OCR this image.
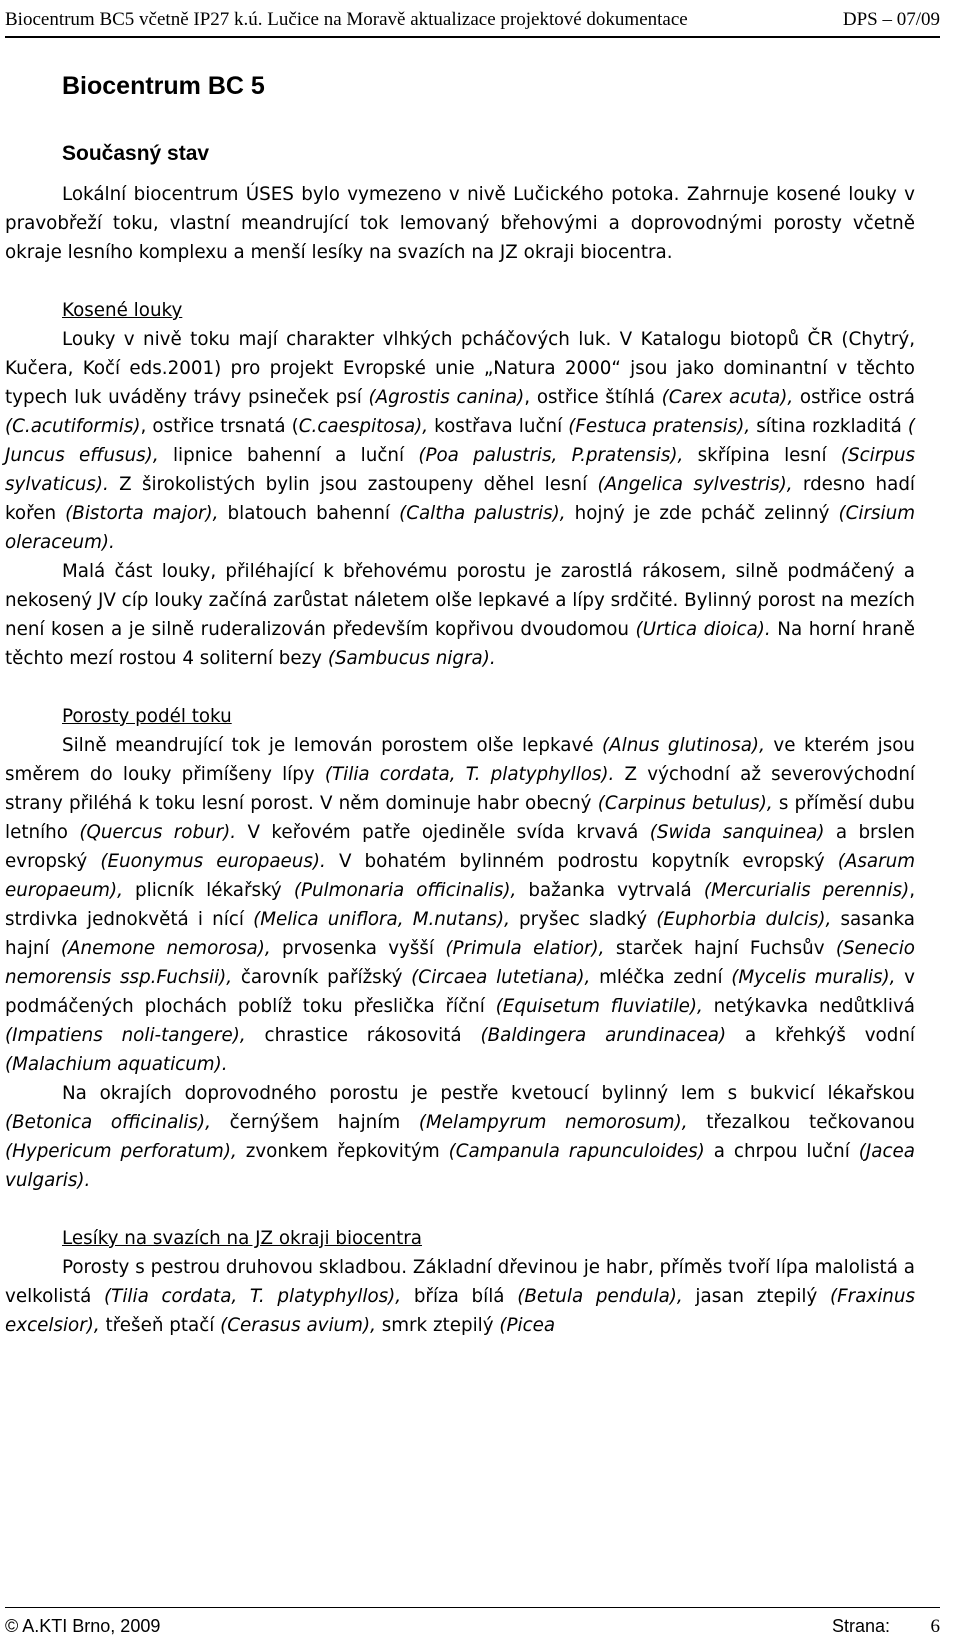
Biocentrum BC5 včetně IP27 k.ú. Lučice na Moravě aktualizace projektové dokumentace	DPS – 07/09
Biocentrum BC 5
Současný stav

Lokální biocentrum ÚSES bylo vymezeno v nivě Lučického potoka. Zahrnuje kosené louky v pravobřeží toku, vlastní meandrující tok lemovaný břehovými a doprovodnými porosty včetně okraje lesního komplexu a menší lesíky na svazích na JZ okraji biocentra.

Kosené louky

Louky v nivě toku mají charakter vlhkých pcháčových luk. V Katalogu biotopů ČR (Chytrý, Kučera, Kočí eds.2001) pro projekt Evropské unie „Natura 2000“ jsou jako dominantní v těchto typech luk uváděny trávy psineček psí (Agrostis canina), ostřice štíhlá (Carex acuta), ostřice ostrá (C.acutiformis), ostřice trsnatá (C.caespitosa), kostřava luční (Festuca pratensis), sítina rozkladitá ( Juncus effusus), lipnice bahenní a luční (Poa palustris, P.pratensis), skřípina lesní (Scirpus sylvaticus). Z širokolistých bylin jsou zastoupeny děhel lesní (Angelica sylvestris), rdesno hadí kořen (Bistorta major), blatouch bahenní (Caltha palustris), hojný je zde pcháč zelinný (Cirsium oleraceum).

Malá část louky, přiléhající k břehovému porostu je zarostlá rákosem, silně podmáčený a nekosený JV cíp louky začíná zarůstat náletem olše lepkavé a lípy srdčité. Bylinný porost na mezích není kosen a je silně ruderalizován především kopřivou dvoudomou (Urtica dioica). Na horní hraně těchto mezí rostou 4 soliterní bezy (Sambucus nigra).

Porosty podél toku

Silně meandrující tok je lemován porostem olše lepkavé (Alnus glutinosa), ve kterém jsou směrem do louky přimíšeny lípy (Tilia cordata, T. platyphyllos). Z východní až severovýchodní strany přiléhá k toku lesní porost. V něm dominuje habr obecný (Carpinus betulus), s příměsí dubu letního (Quercus robur). V keřovém patře ojediněle svída krvavá (Swida sanquinea) a brslen evropský (Euonymus europaeus). V bohatém bylinném podrostu kopytník evropský (Asarum europaeum), plicník lékařský (Pulmonaria officinalis), bažanka vytrvalá (Mercurialis perennis), strdivka jednokvětá i nící (Melica uniflora, M.nutans), pryšec sladký (Euphorbia dulcis), sasanka hajní (Anemone nemorosa), prvosenka vyšší (Primula elatior), starček hajní Fuchsův (Senecio nemorensis ssp.Fuchsii), čarovník pařížský (Circaea lutetiana), mléčka zední (Mycelis muralis), v podmáčených plochách poblíž toku přeslička říční (Equisetum fluviatile), netýkavka nedůtklivá (Impatiens noli-tangere), chrastice rákosovitá (Baldingera arundinacea) a křehkýš vodní (Malachium aquaticum).

Na okrajích doprovodného porostu je pestře kvetoucí bylinný lem s bukvicí lékařskou (Betonica officinalis), černýšem hajním (Melampyrum nemorosum), třezalkou tečkovanou (Hypericum perforatum), zvonkem řepkovitým (Campanula rapunculoides) a chrpou luční (Jacea vulgaris).

Lesíky na svazích na JZ okraji biocentra

Porosty s pestrou druhovou skladbou. Základní dřevinou je habr, příměs tvoří lípa malolistá a velkolistá (Tilia cordata, T. platyphyllos), bříza bílá (Betula pendula), jasan ztepilý (Fraxinus excelsior), třešeň ptačí (Cerasus avium), smrk ztepilý (Picea

© A.KTI Brno, 2009	Strana: 6
